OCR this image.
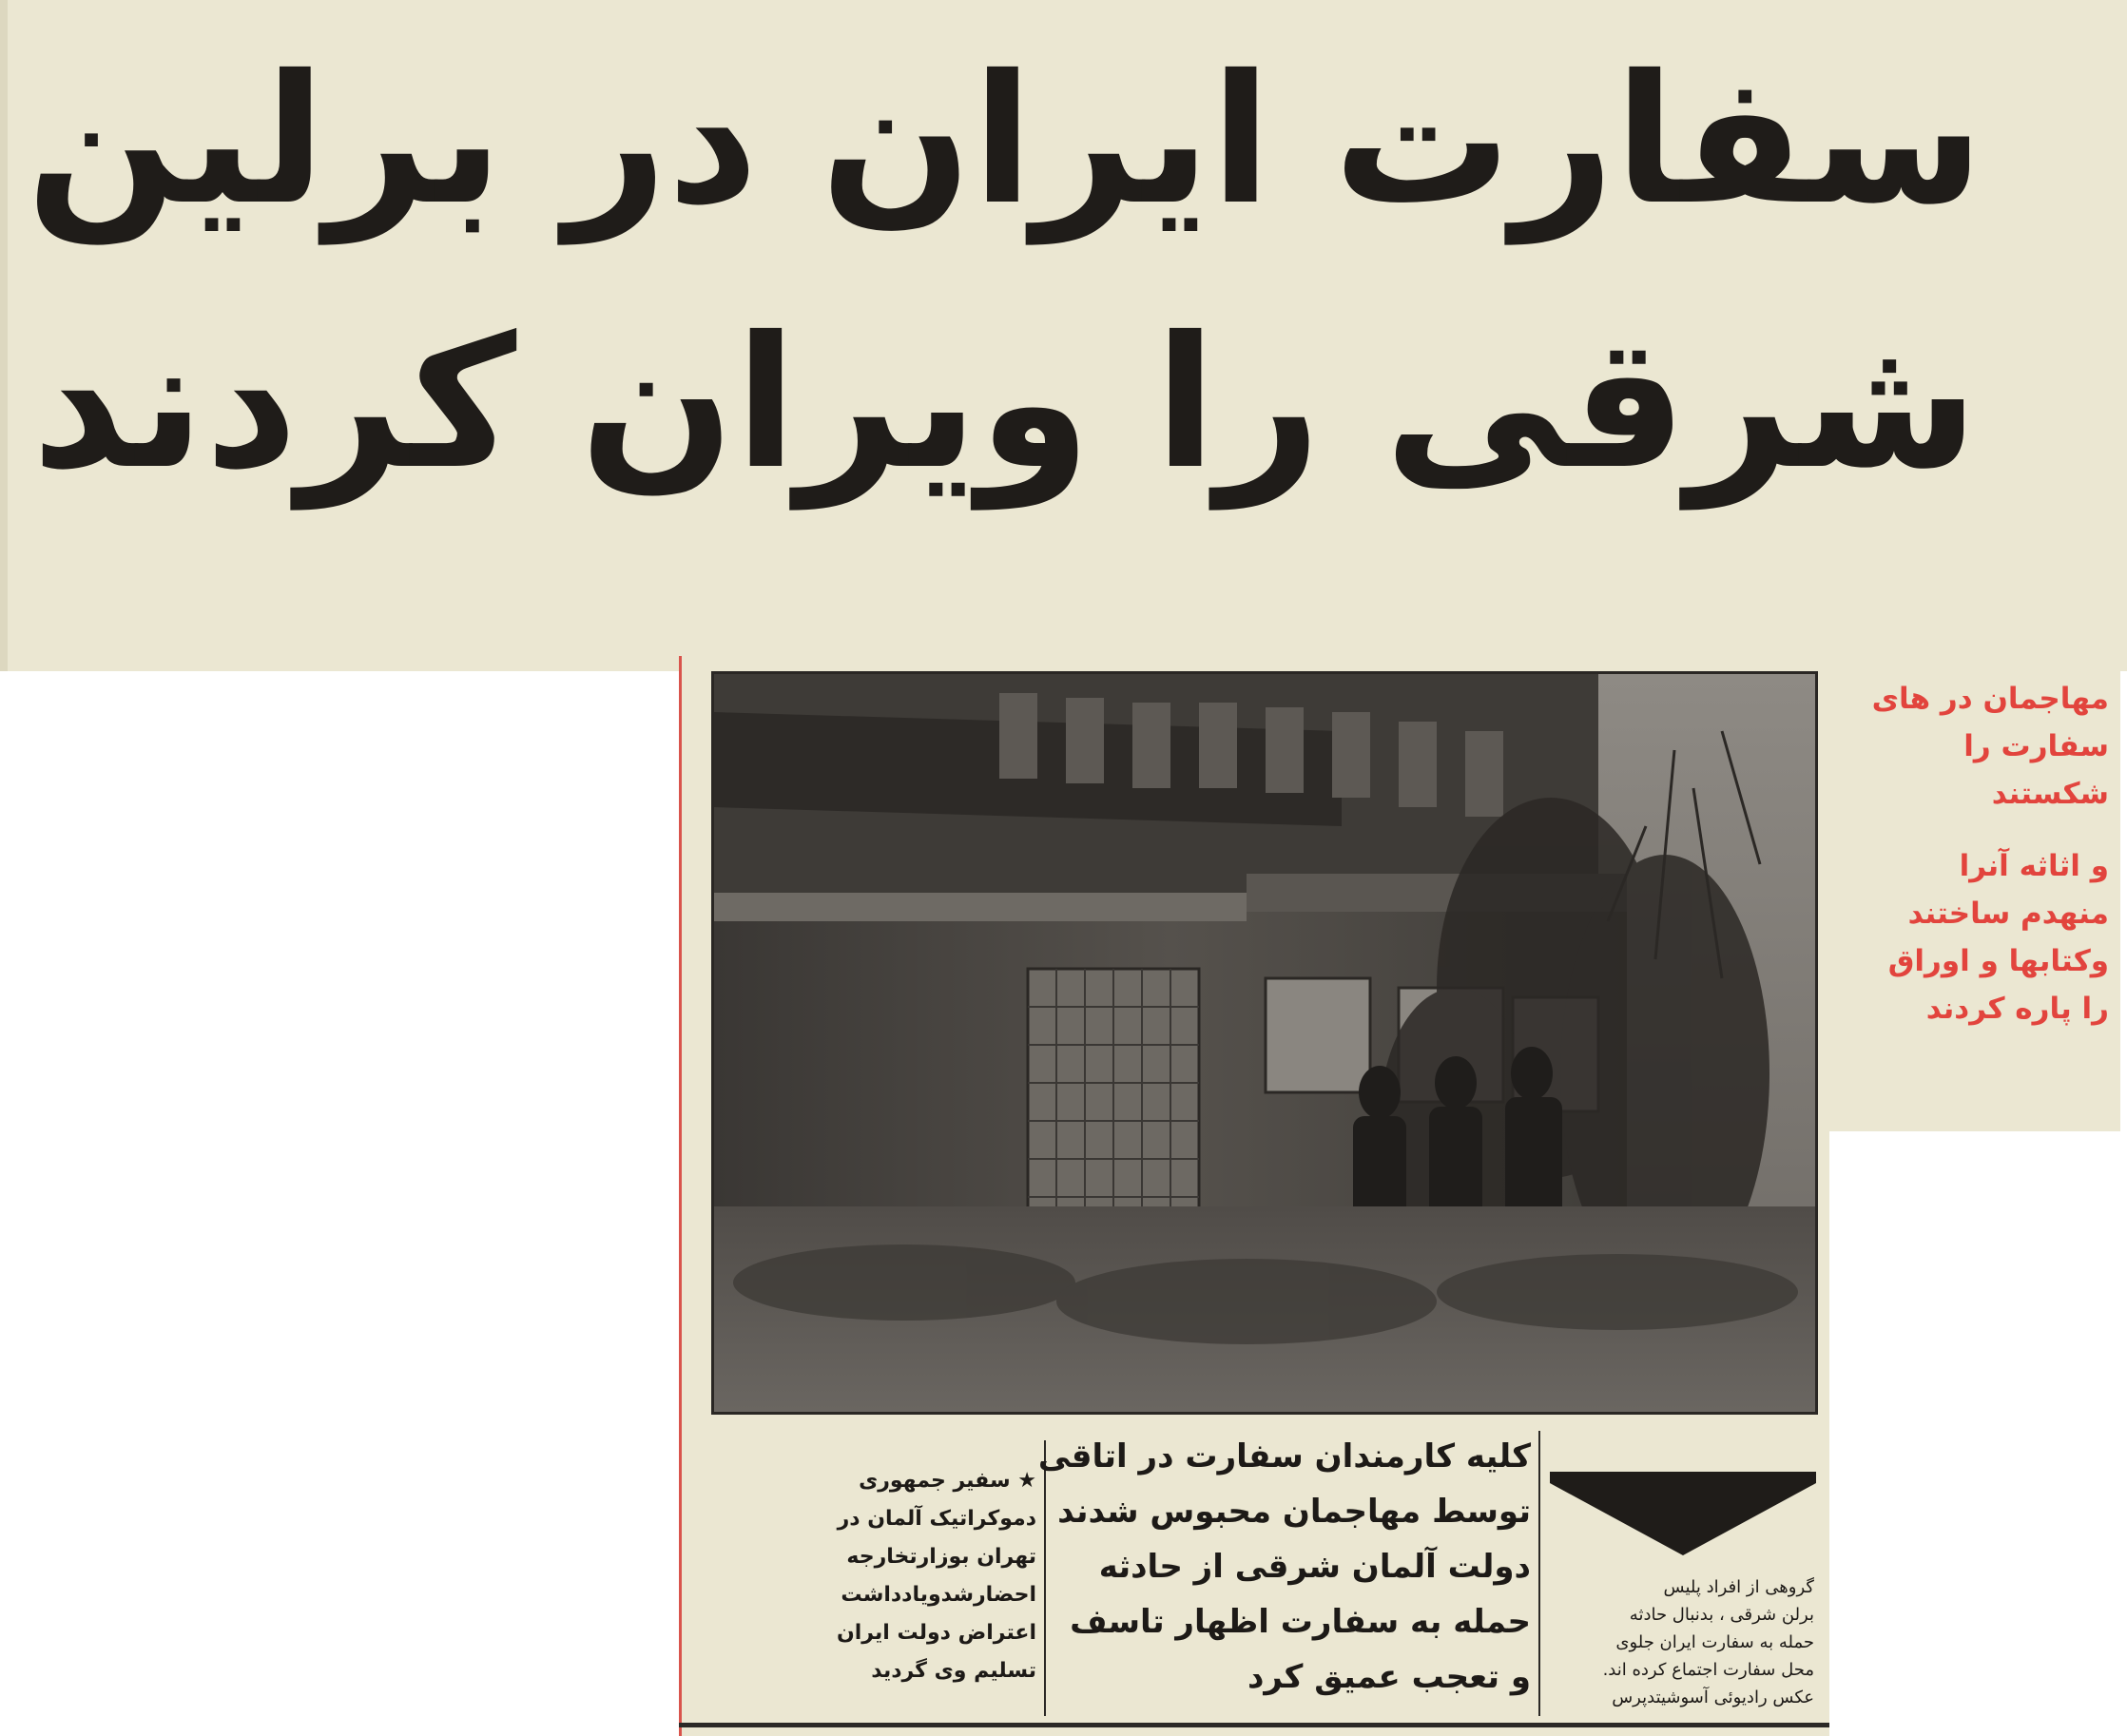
سفارت ایران در برلین
شرقی را ویران کردند
مهاجمان در های
سفارت را
شکستند
و اثاثه آنرا
منهدم ساختند
وکتابها و اوراق
را پاره کردند
کلیه کارمندان سفارت در اتاقی
توسط مهاجمان محبوس شدند
دولت آلمان شرقی از حادثه
حمله به سفارت اظهار تاسف
و تعجب عمیق کرد
★ سفیر جمهوری
دموکراتیک آلمان در
تهران بوزارتخارجه
احضارشدویادداشت
اعتراض دولت ایران
تسلیم وی گردید
گروهی از افراد پلیس
برلن شرقی ، بدنبال حادثه
حمله به سفارت ایران جلوی
محل سفارت اجتماع کرده اند.
عکس رادیوئی آسوشیتدپرس
